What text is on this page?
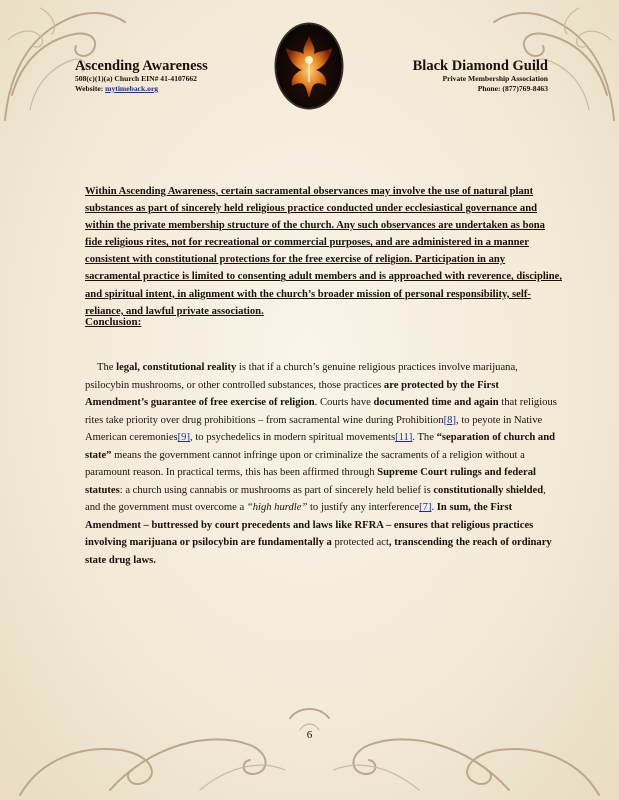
Ascending Awareness
508(c)(1)(a) Church EIN# 41-4107662
Website: mytimeback.org
Black Diamond Guild
Private Membership Association
Phone: (877)769-8463
Within Ascending Awareness, certain sacramental observances may involve the use of natural plant substances as part of sincerely held religious practice conducted under ecclesiastical governance and within the private membership structure of the church. Any such observances are undertaken as bona fide religious rites, not for recreational or commercial purposes, and are administered in a manner consistent with constitutional protections for the free exercise of religion. Participation in any sacramental practice is limited to consenting adult members and is approached with reverence, discipline, and spiritual intent, in alignment with the church’s broader mission of personal responsibility, self-reliance, and lawful private association.
Conclusion:
The legal, constitutional reality is that if a church’s genuine religious practices involve marijuana, psilocybin mushrooms, or other controlled substances, those practices are protected by the First Amendment’s guarantee of free exercise of religion. Courts have documented time and again that religious rites take priority over drug prohibitions – from sacramental wine during Prohibition[8], to peyote in Native American ceremonies[9], to psychedelics in modern spiritual movements[11]. The “separation of church and state” means the government cannot infringe upon or criminalize the sacraments of a religion without a paramount reason. In practical terms, this has been affirmed through Supreme Court rulings and federal statutes: a church using cannabis or mushrooms as part of sincerely held belief is constitutionally shielded, and the government must overcome a “high hurdle” to justify any interference[7]. In sum, the First Amendment – buttressed by court precedents and laws like RFRA – ensures that religious practices involving marijuana or psilocybin are fundamentally a protected act, transcending the reach of ordinary state drug laws.
6
